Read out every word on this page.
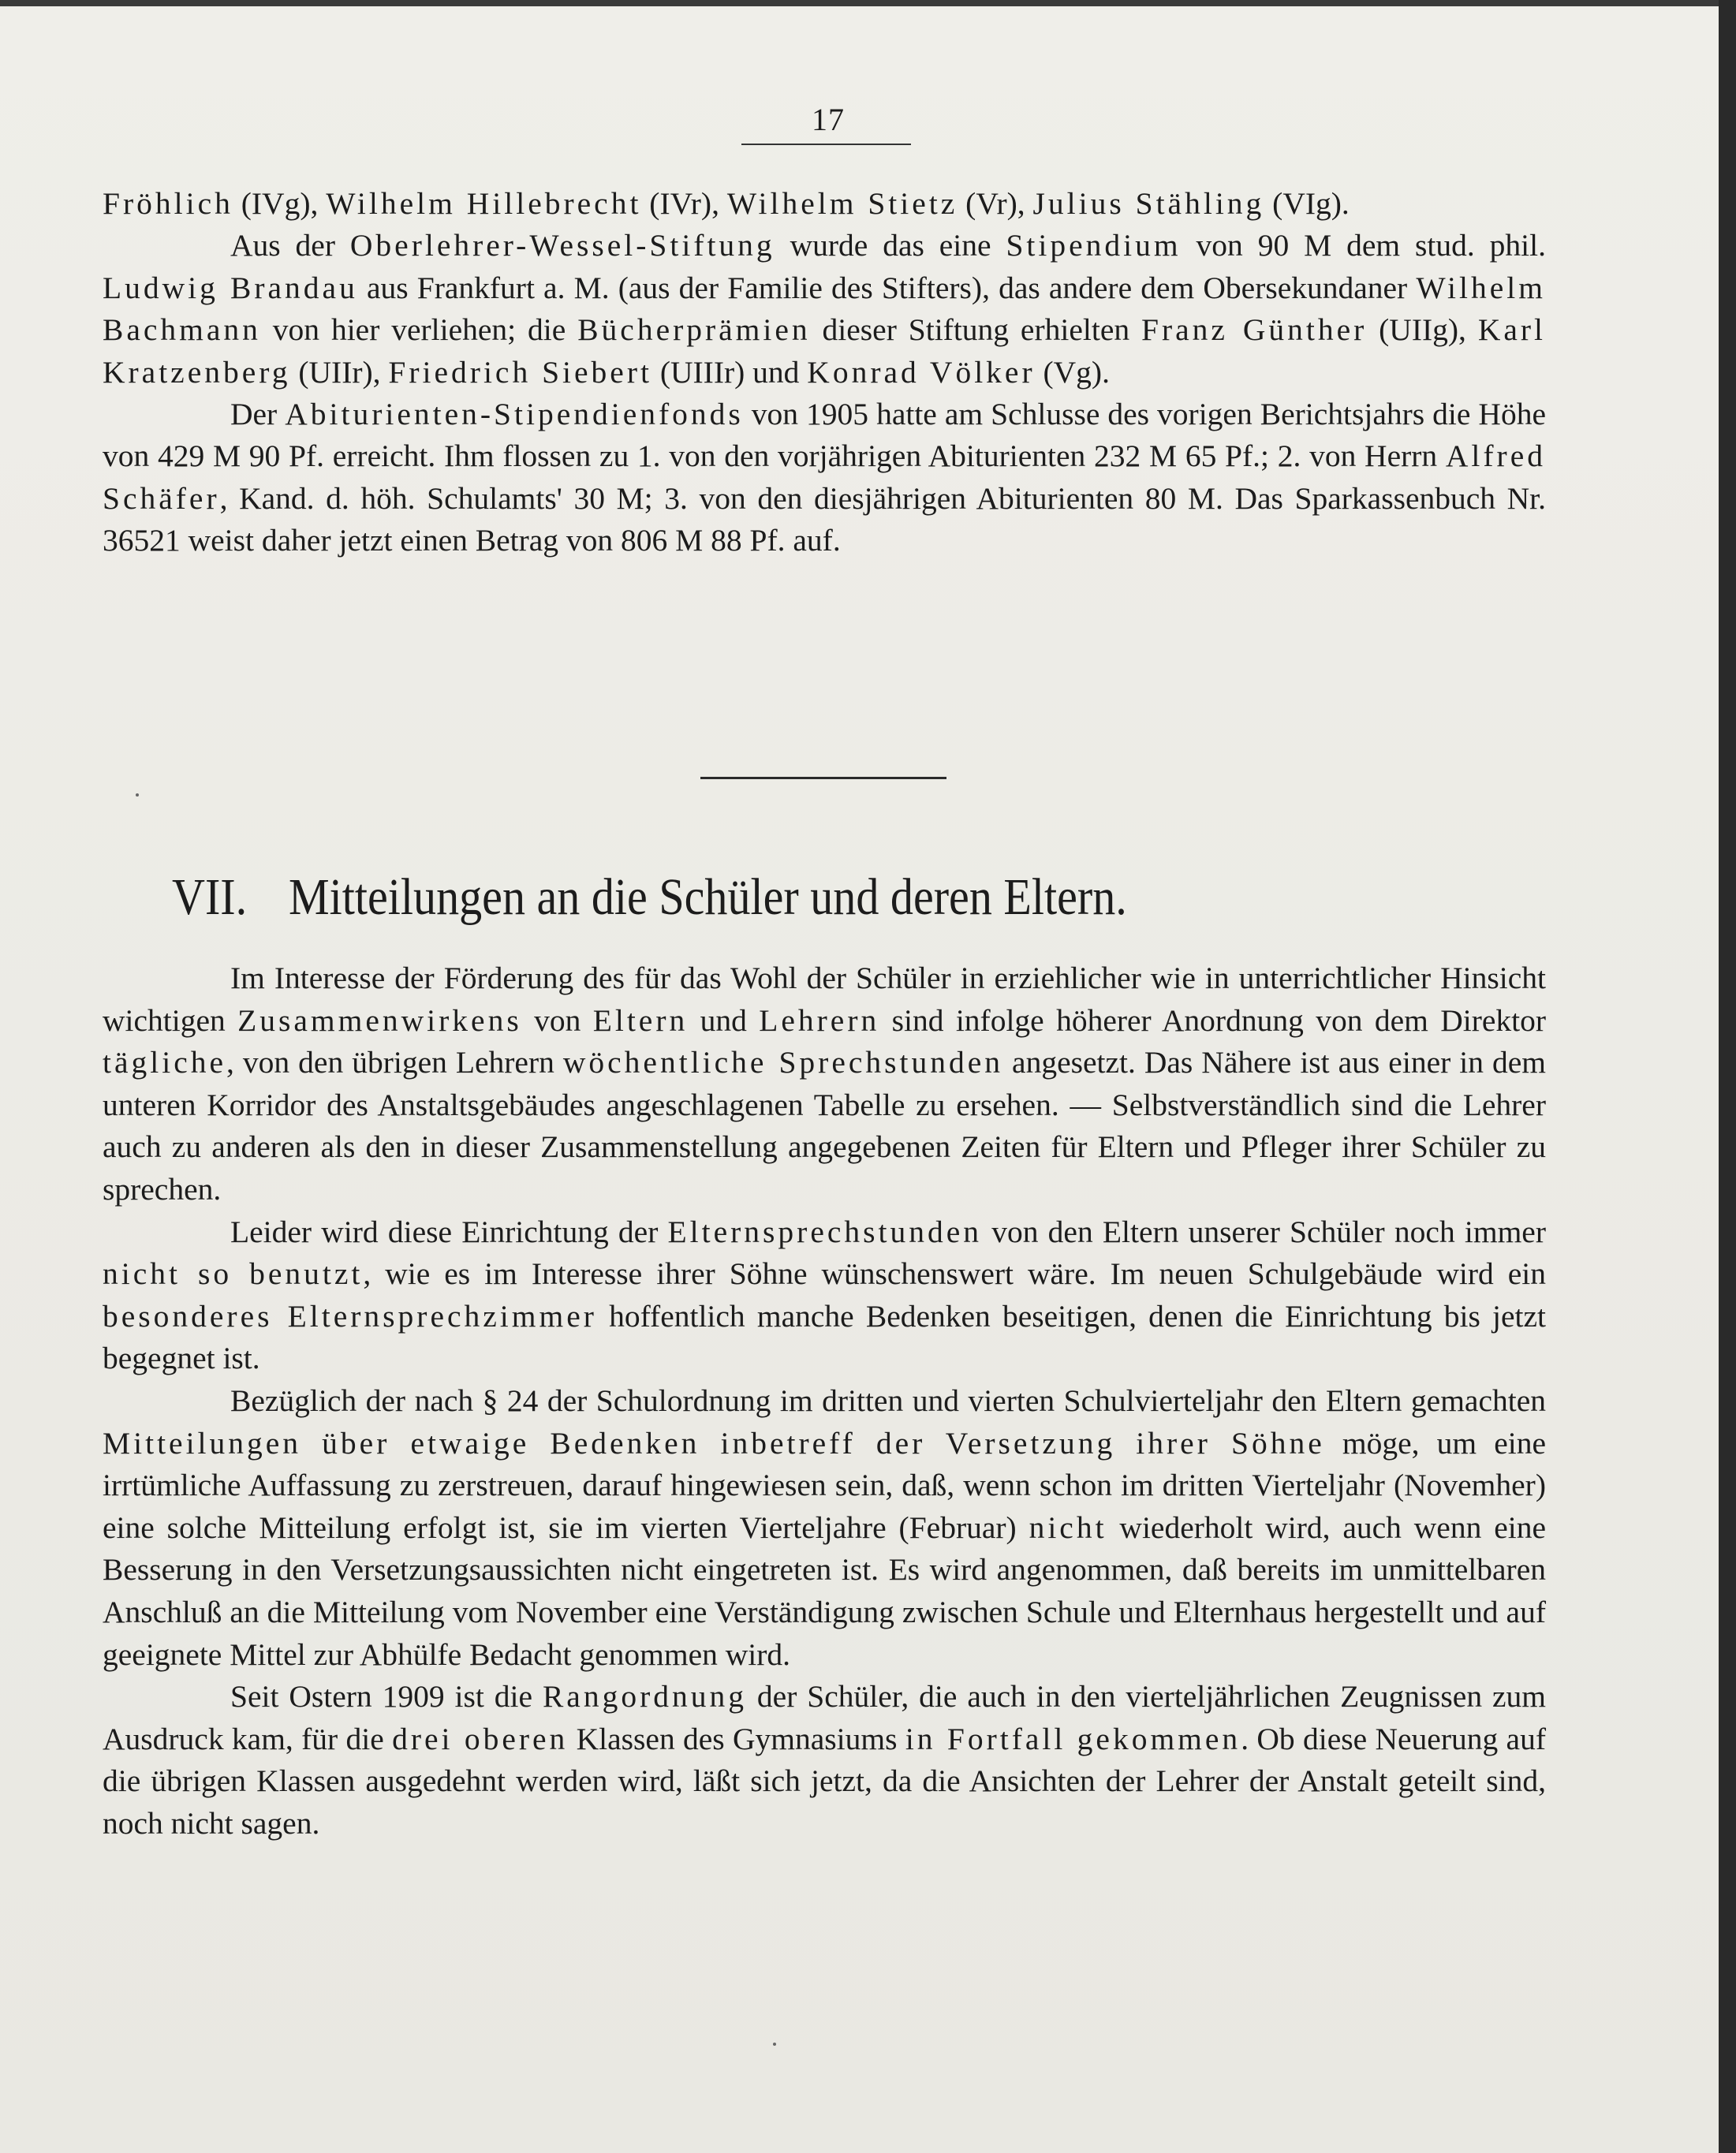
17

Fröhlich (IVg), Wilhelm Hillebrecht (IVr), Wilhelm Stietz (Vr), Julius Stähling (VIg).

Aus der Oberlehrer-Wessel-Stiftung wurde das eine Stipendium von 90 M dem stud. phil. Ludwig Brandau aus Frankfurt a. M. (aus der Familie des Stifters), das andere dem Obersekundaner Wilhelm Bachmann von hier verliehen; die Bücherprämien dieser Stiftung erhielten Franz Günther (UIIg), Karl Kratzenberg (UIIr), Friedrich Siebert (UIIIr) und Konrad Völker (Vg).

Der Abiturienten-Stipendienfonds von 1905 hatte am Schlusse des vorigen Berichtsjahrs die Höhe von 429 M 90 Pf. erreicht. Ihm flossen zu 1. von den vorjährigen Abiturienten 232 M 65 Pf.; 2. von Herrn Alfred Schäfer, Kand. d. höh. Schulamts' 30 M; 3. von den diesjährigen Abiturienten 80 M. Das Sparkassenbuch Nr. 36521 weist daher jetzt einen Betrag von 806 M 88 Pf. auf.

VII. Mitteilungen an die Schüler und deren Eltern.

Im Interesse der Förderung des für das Wohl der Schüler in erziehlicher wie in unterrichtlicher Hinsicht wichtigen Zusammenwirkens von Eltern und Lehrern sind infolge höherer Anordnung von dem Direktor tägliche, von den übrigen Lehrern wöchentliche Sprechstunden angesetzt. Das Nähere ist aus einer in dem unteren Korridor des Anstaltsgebäudes angeschlagenen Tabelle zu ersehen. — Selbstverständlich sind die Lehrer auch zu anderen als den in dieser Zusammenstellung angegebenen Zeiten für Eltern und Pfleger ihrer Schüler zu sprechen.

Leider wird diese Einrichtung der Elternsprechstunden von den Eltern unserer Schüler noch immer nicht so benutzt, wie es im Interesse ihrer Söhne wünschenswert wäre. Im neuen Schulgebäude wird ein besonderes Elternsprechzimmer hoffentlich manche Bedenken beseitigen, denen die Einrichtung bis jetzt begegnet ist.

Bezüglich der nach § 24 der Schulordnung im dritten und vierten Schulvierteljahr den Eltern gemachten Mitteilungen über etwaige Bedenken inbetreff der Versetzung ihrer Söhne möge, um eine irrtümliche Auffassung zu zerstreuen, darauf hingewiesen sein, daß, wenn schon im dritten Vierteljahr (Novemher) eine solche Mitteilung erfolgt ist, sie im vierten Vierteljahre (Februar) nicht wiederholt wird, auch wenn eine Besserung in den Versetzungsaussichten nicht eingetreten ist. Es wird angenommen, daß bereits im unmittelbaren Anschluß an die Mitteilung vom November eine Verständigung zwischen Schule und Elternhaus hergestellt und auf geeignete Mittel zur Abhülfe Bedacht genommen wird.

Seit Ostern 1909 ist die Rangordnung der Schüler, die auch in den vierteljährlichen Zeugnissen zum Ausdruck kam, für die drei oberen Klassen des Gymnasiums in Fortfall gekommen. Ob diese Neuerung auf die übrigen Klassen ausgedehnt werden wird, läßt sich jetzt, da die Ansichten der Lehrer der Anstalt geteilt sind, noch nicht sagen.
